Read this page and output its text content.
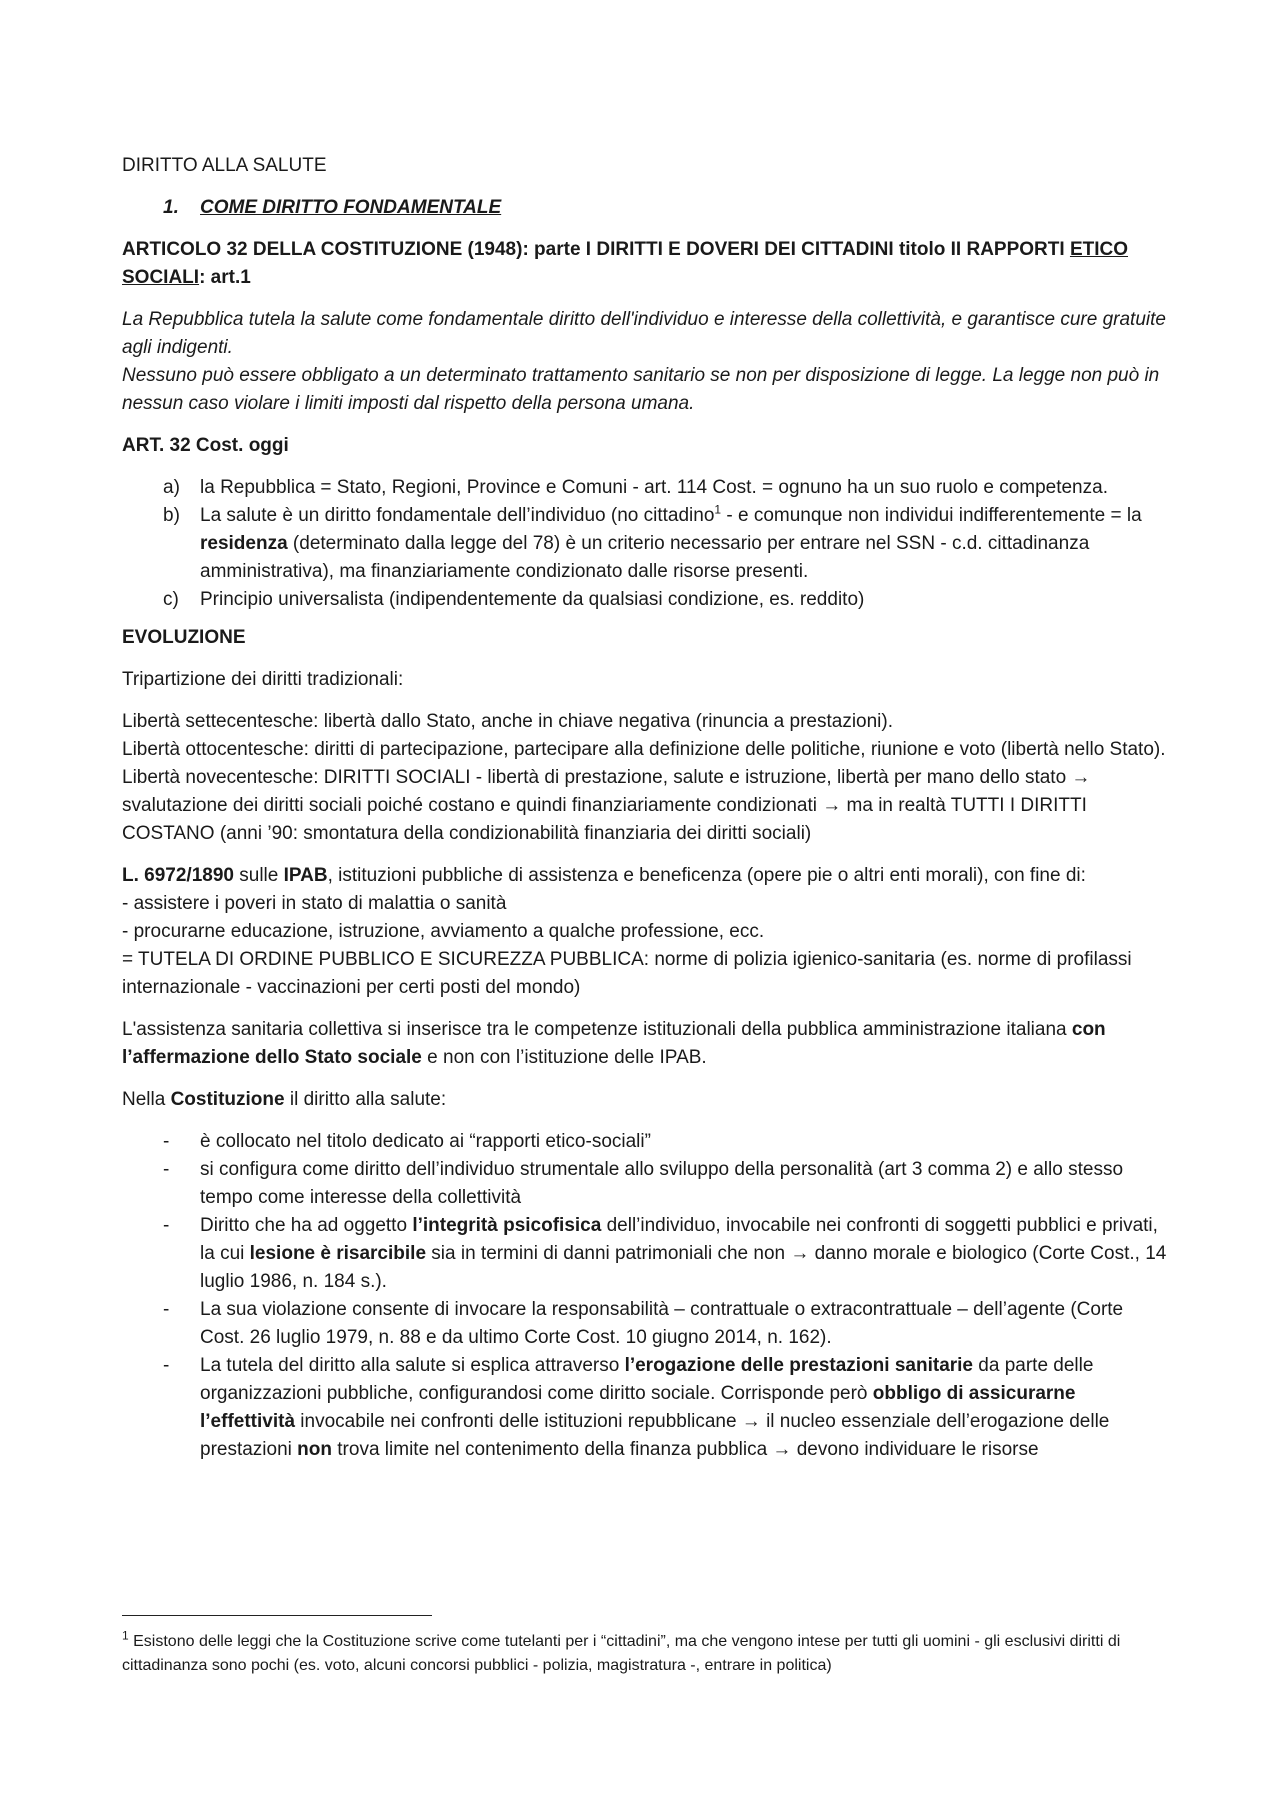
DIRITTO ALLA SALUTE

1. COME DIRITTO FONDAMENTALE

ARTICOLO 32 DELLA COSTITUZIONE (1948): parte I DIRITTI E DOVERI DEI CITTADINI titolo II RAPPORTI ETICO SOCIALI: art.1

La Repubblica tutela la salute come fondamentale diritto dell'individuo e interesse della collettività, e garantisce cure gratuite agli indigenti.

Nessuno può essere obbligato a un determinato trattamento sanitario se non per disposizione di legge. La legge non può in nessun caso violare i limiti imposti dal rispetto della persona umana.

ART. 32 Cost. oggi

a) la Repubblica = Stato, Regioni, Province e Comuni - art. 114 Cost. = ognuno ha un suo ruolo e competenza.
b) La salute è un diritto fondamentale dell’individuo (no cittadino$^1$ - e comunque non individui indifferentemente = la residenza (determinato dalla legge del 78) è un criterio necessario per entrare nel SSN - c.d. cittadinanza amministrativa), ma finanziariamente condizionato dalle risorse presenti.
c) Principio universalista (indipendentemente da qualsiasi condizione, es. reddito)

EVOLUZIONE

Tripartizione dei diritti tradizionali:

Libertà settecentesche: libertà dallo Stato, anche in chiave negativa (rinuncia a prestazioni).

Libertà ottocentesche: diritti di partecipazione, partecipare alla definizione delle politiche, riunione e voto (libertà nello Stato).

Libertà novecentesche: DIRITTI SOCIALI - libertà di prestazione, salute e istruzione, libertà per mano dello stato → svalutazione dei diritti sociali poiché costano e quindi finanziariamente condizionati → ma in realtà TUTTI I DIRITTI COSTANO (anni ’90: smontatura della condizionabilità finanziaria dei diritti sociali)

L. 6972/1890 sulle IPAB, istituzioni pubbliche di assistenza e beneficenza (opere pie o altri enti morali), con fine di:

- assistere i poveri in stato di malattia o sanità

- procurarne educazione, istruzione, avviamento a qualche professione, ecc.

= TUTELA DI ORDINE PUBBLICO E SICUREZZA PUBBLICA: norme di polizia igienico-sanitaria (es. norme di profilassi internazionale - vaccinazioni per certi posti del mondo)

L'assistenza sanitaria collettiva si inserisce tra le competenze istituzionali della pubblica amministrazione italiana con l’affermazione dello Stato sociale e non con l’istituzione delle IPAB.

Nella Costituzione il diritto alla salute:

- è collocato nel titolo dedicato ai “rapporti etico-sociali”
- si configura come diritto dell’individuo strumentale allo sviluppo della personalità (art 3 comma 2) e allo stesso tempo come interesse della collettività
- Diritto che ha ad oggetto l’integrità psicofisica dell’individuo, invocabile nei confronti di soggetti pubblici e privati, la cui lesione è risarcibile sia in termini di danni patrimoniali che non → danno morale e biologico (Corte Cost., 14 luglio 1986, n. 184 s.).
- La sua violazione consente di invocare la responsabilità – contrattuale o extracontrattuale – dell’agente (Corte Cost. 26 luglio 1979, n. 88 e da ultimo Corte Cost. 10 giugno 2014, n. 162).
- La tutela del diritto alla salute si esplica attraverso l’erogazione delle prestazioni sanitarie da parte delle organizzazioni pubbliche, configurandosi come diritto sociale. Corrisponde però obbligo di assicurarne l’effettività invocabile nei confronti delle istituzioni repubblicane → il nucleo essenziale dell’erogazione delle prestazioni non trova limite nel contenimento della finanza pubblica → devono individuare le risorse

$^1$ Esistono delle leggi che la Costituzione scrive come tutelanti per i “cittadini”, ma che vengono intese per tutti gli uomini - gli esclusivi diritti di cittadinanza sono pochi (es. voto, alcuni concorsi pubblici - polizia, magistratura -, entrare in politica)
